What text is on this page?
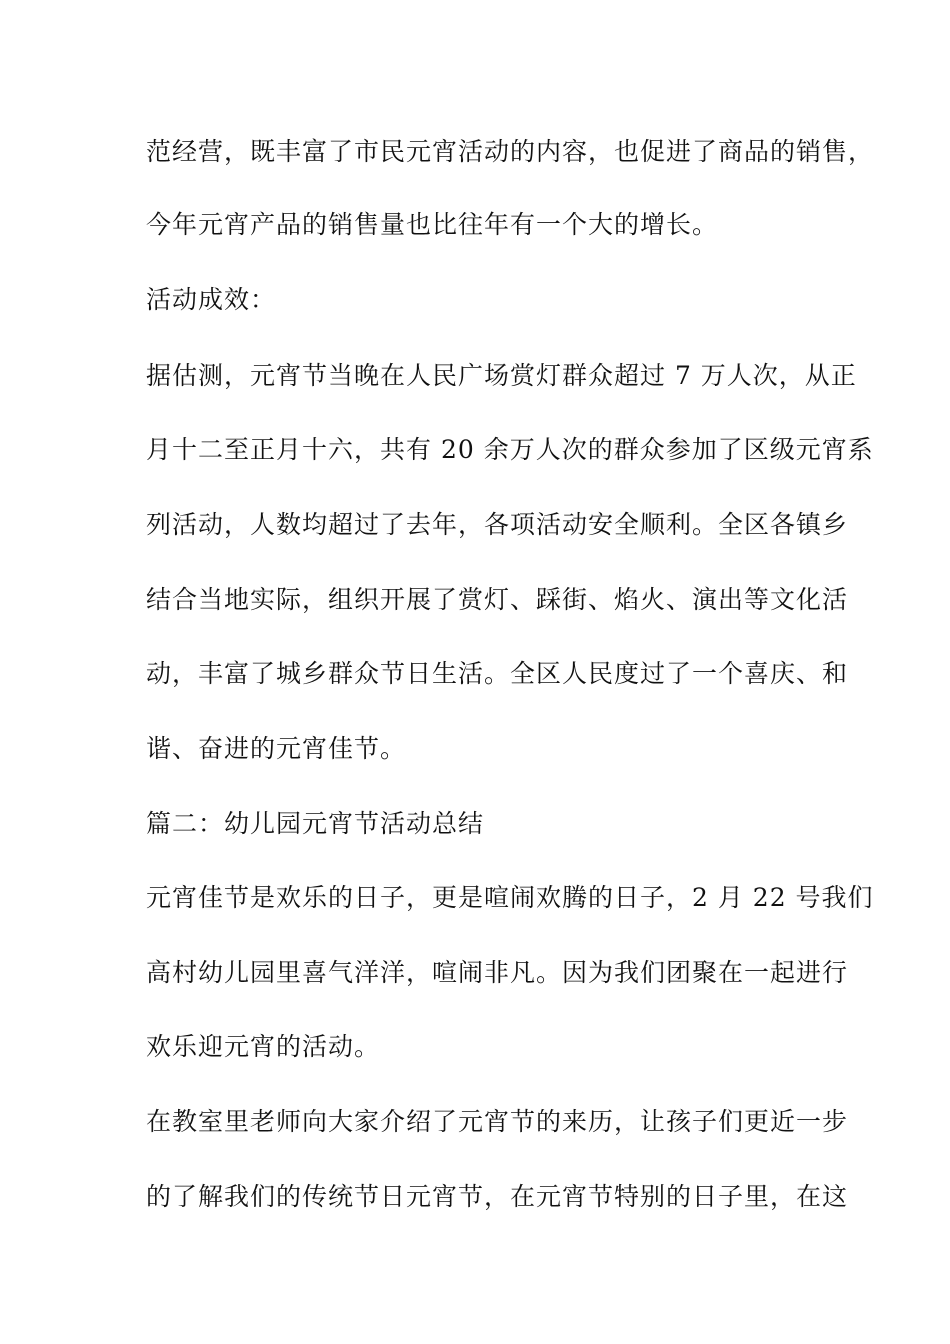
范经营，既丰富了市民元宵活动的内容，也促进了商品的销售，
今年元宵产品的销售量也比往年有一个大的增长。
活动成效：
据估测，元宵节当晚在人民广场赏灯群众超过 7 万人次，从正
月十二至正月十六，共有 20 余万人次的群众参加了区级元宵系
列活动，人数均超过了去年，各项活动安全顺利。全区各镇乡
结合当地实际，组织开展了赏灯、踩街、焰火、演出等文化活
动，丰富了城乡群众节日生活。全区人民度过了一个喜庆、和
谐、奋进的元宵佳节。
篇二：幼儿园元宵节活动总结
元宵佳节是欢乐的日子，更是喧闹欢腾的日子，2 月 22 号我们
高村幼儿园里喜气洋洋，喧闹非凡。因为我们团聚在一起进行
欢乐迎元宵的活动。
在教室里老师向大家介绍了元宵节的来历，让孩子们更近一步
的了解我们的传统节日元宵节，在元宵节特别的日子里，在这
